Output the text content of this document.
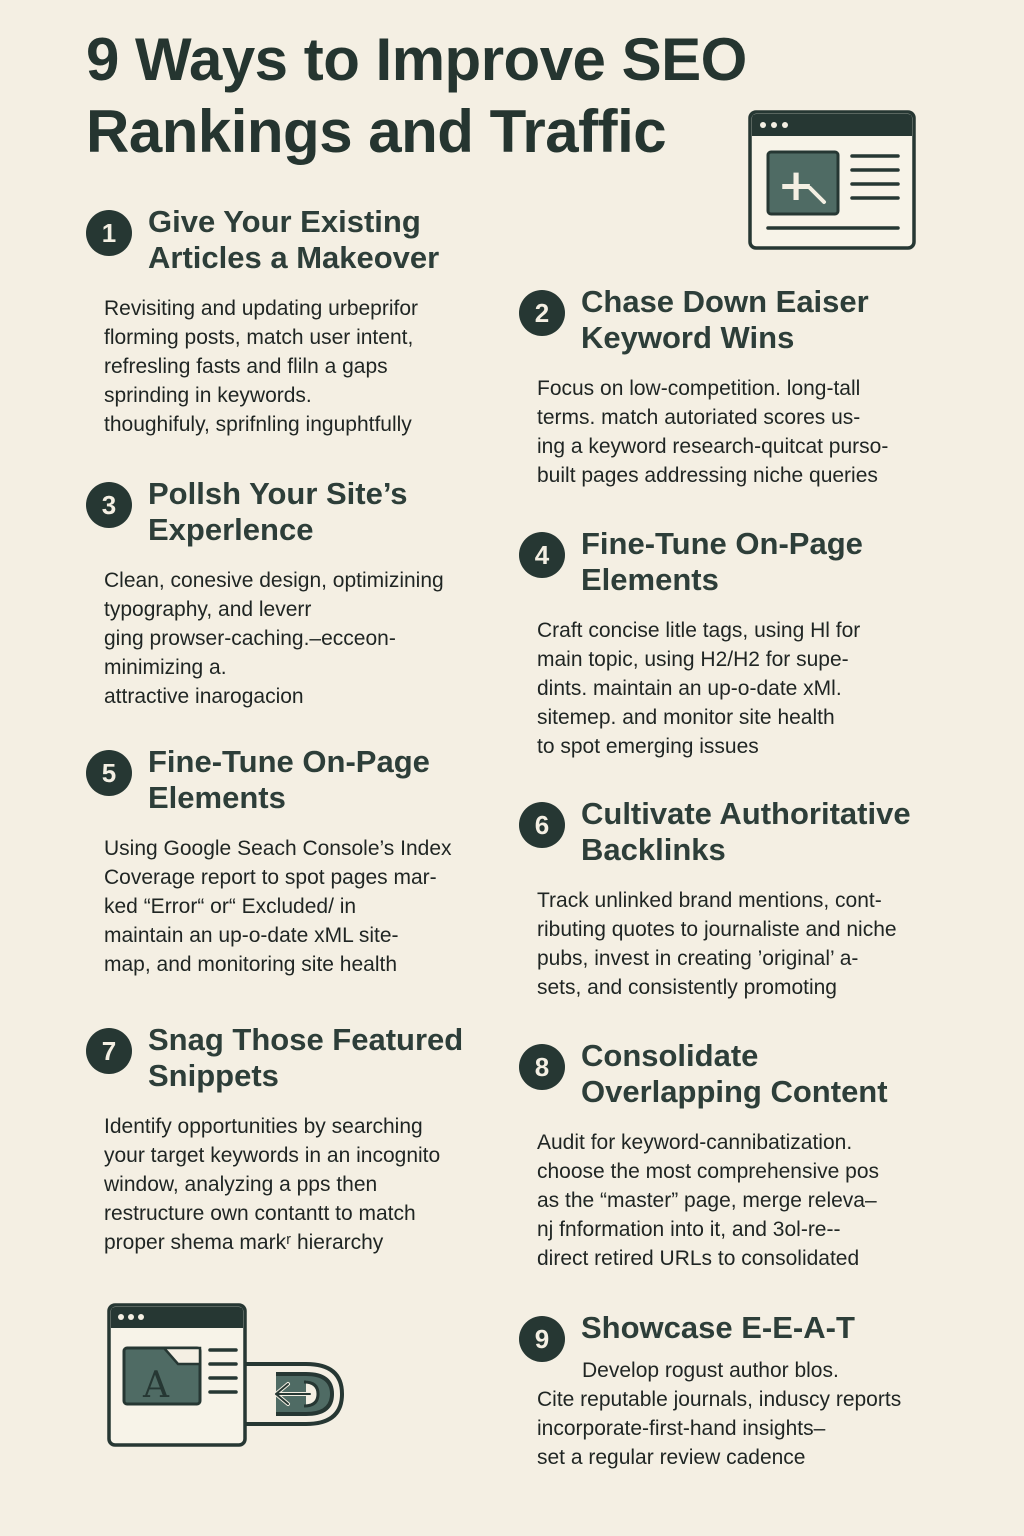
9 Ways to Improve SEO
Rankings and Traffic
+
1	Give Your Existing
Articles a Makeover
Revisiting and updating urbeprifor
florming posts, match user intent,
refresling fasts and fliln a gaps
sprinding in keywords.
thoughifuly, sprifnling inguphtfully
2	Chase Down Eaiser
Keyword Wins
Focus on low-competition. long-tall
terms. match autoriated scores us-
ing a keyword research-quitcat purso-
built pages addressing niche queries
3	Pollsh Your Site’s
Experlence
Clean, conesive design, optimizining
typography, and leverr
ging prowser-caching.–ecceon-
minimizing a.
attractive inarogacion
4	Fine-Tune On-Page
Elements
Craft concise litle tags, using Hl for
main topic, using H2/H2 for supe-
dints. maintain an up-o-date xMl.
sitemep. and monitor site health
to spot emerging issues
5	Fine-Tune On-Page
Elements
Using Google Seach Console’s Index
Coverage report to spot pages mar-
ked “Error“ or“ Excluded/ in
maintain an up-o-date xML site-
map, and monitoring site health
6	Cultivate Authoritative
Backlinks
Track unlinked brand mentions, cont-
ributing quotes to journaliste and niche
pubs, invest in creating ’original’ a-
sets, and consistently promoting
7	Snag Those Featured
Snippets
Identify opportunities by searching
your target keywords in an incognito
window, analyzing a pps then
restructure own contantt to match
proper shema markʳ hierarchy
8	Consolidate
Overlapping Content
Audit for keyword-cannibatization.
choose the most comprehensive pos
as the “master” page, merge releva–
nj fnformation into it, and 3ol-re--
direct retired URLs to consolidated
9	Showcase E-E-A-T
Develop rogust author blos.
Cite reputable journals, induscy reports
incorporate-first-hand insights–
set a regular review cadence
A
